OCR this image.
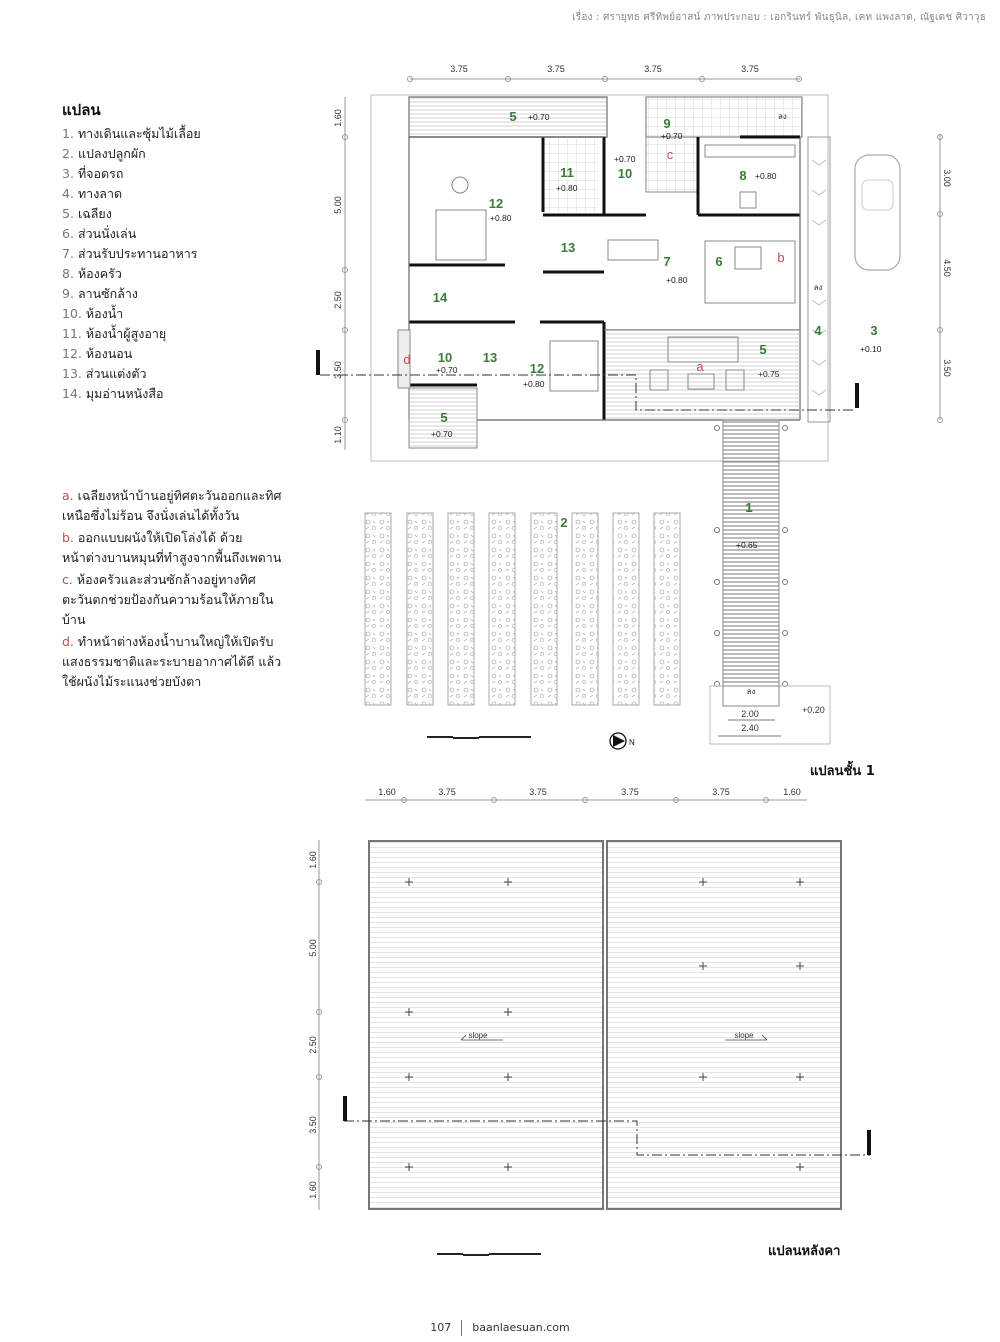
เรื่อง : ศรายุทธ ศรีทิพย์อาสน์ ภาพประกอบ : เอกรินทร์ พันธุนิล, เคท แพงลาด, ณัฐเดช ศิวาวุธ
แปลน
1. ทางเดินและซุ้มไม้เลื้อย
2. แปลงปลูกผัก
3. ที่จอดรถ
4. ทางลาด
5. เฉลียง
6. ส่วนนั่งเล่น
7. ส่วนรับประทานอาหาร
8. ห้องครัว
9. ลานซักล้าง
10. ห้องน้ำ
11. ห้องน้ำผู้สูงอายุ
12. ห้องนอน
13. ส่วนแต่งตัว
14. มุมอ่านหนังสือ

a. เฉลียงหน้าบ้านอยู่ทิศตะวันออกและทิศเหนือซึ่งไม่ร้อน จึงนั่งเล่นได้ทั้งวัน

b. ออกแบบผนังให้เปิดโล่งได้ ด้วยหน้าต่างบานหมุนที่ทำสูงจากพื้นถึงเพดาน

c. ห้องครัวและส่วนซักล้างอยู่ทางทิศตะวันตกช่วยป้องกันความร้อนให้ภายในบ้าน

d. ทำหน้าต่างห้องน้ำบานใหญ่ให้เปิดรับแสงธรรมชาติและระบายอากาศได้ดี แล้วใช้ผนังไม้ระแนงช่วยบังตา

3.75	3.75	3.75	3.75
1.60
5.00
2.50
3.50
1.10
3.00
4.50
3.50
ลง
+0.20
2.00
2.40
N
5	9
10
11
12
8
13
7	6
14
10 13
12
5
5
4	3
1
2
+0.70
+0.70
+0.70
+0.80
+0.80
+0.80
+0.80
+0.70
+0.80
+0.75
+0.70
+0.10
+0.65
a
b
c
d
ลง
ลง
แปลนชั้น 1
1.60	3.75	3.75	3.75	3.75	1.60
1.60
5.00
2.50
3.50
1.60
slope	slope
แปลนหลังคา
107 baanlaesuan.com
